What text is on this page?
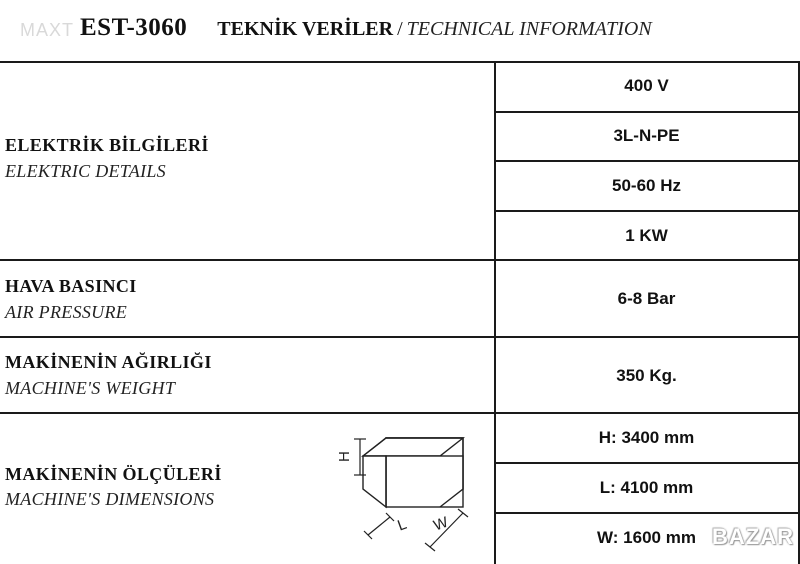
MAXT EST-3060 TEKNİK VERİLER / TECHNICAL INFORMATION
ELEKTRİK BİLGİLERİ
ELEKTRIC DETAILS
400 V
3L-N-PE
50-60 Hz
1 KW
HAVA BASINCI
AIR PRESSURE
6-8 Bar
MAKİNENİN AĞIRLIĞI
MACHINE'S WEIGHT
350 Kg.
MAKİNENİN ÖLÇÜLERİ
MACHINE'S DIMENSIONS
H: 3400 mm
L: 4100 mm
W: 1600 mm
H
L W	BAZAR
